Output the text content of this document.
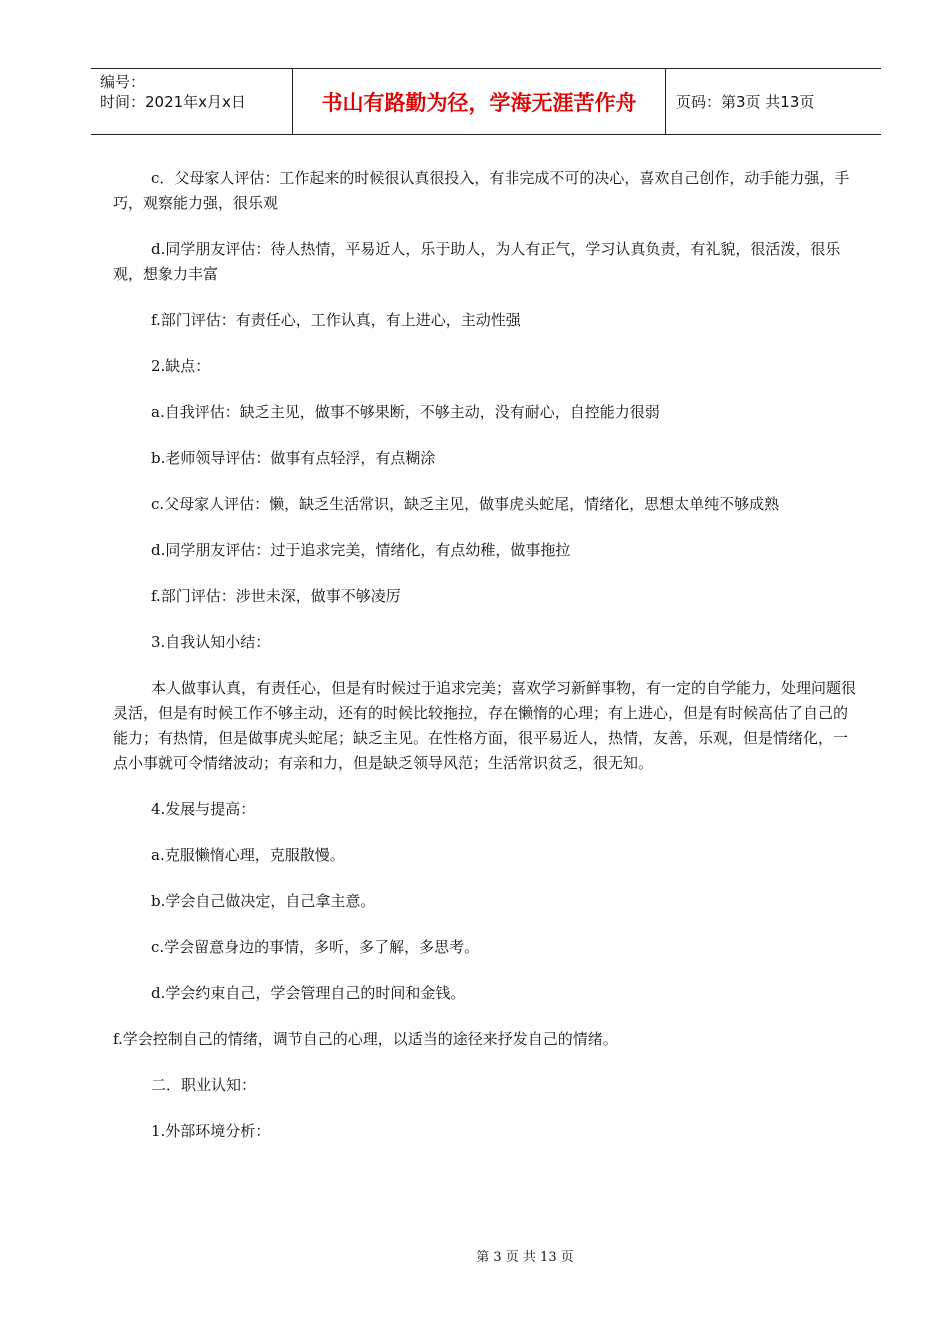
编号：
时间：2021年x月x日	书山有路勤为径，学海无涯苦作舟	页码：第3页 共13页

c．父母家人评估：工作起来的时候很认真很投入，有非完成不可的决心，喜欢自己创作，动手能力强，手巧，观察能力强，很乐观

d.同学朋友评估：待人热情，平易近人，乐于助人，为人有正气，学习认真负责，有礼貌，很活泼，很乐观，想象力丰富

f.部门评估：有责任心，工作认真，有上进心，主动性强

2.缺点：

a.自我评估：缺乏主见，做事不够果断，不够主动，没有耐心，自控能力很弱

b.老师领导评估：做事有点轻浮，有点糊涂

c.父母家人评估：懒，缺乏生活常识，缺乏主见，做事虎头蛇尾，情绪化，思想太单纯不够成熟

d.同学朋友评估：过于追求完美，情绪化，有点幼稚，做事拖拉

f.部门评估：涉世未深，做事不够凌厉

3.自我认知小结：

本人做事认真，有责任心，但是有时候过于追求完美；喜欢学习新鲜事物，有一定的自学能力，处理问题很灵活，但是有时候工作不够主动，还有的时候比较拖拉，存在懒惰的心理；有上进心，但是有时候高估了自己的能力；有热情，但是做事虎头蛇尾；缺乏主见。在性格方面，很平易近人，热情，友善，乐观，但是情绪化，一点小事就可令情绪波动；有亲和力，但是缺乏领导风范；生活常识贫乏，很无知。

4.发展与提高：

a.克服懒惰心理，克服散慢。

b.学会自己做决定，自己拿主意。

c.学会留意身边的事情，多听，多了解，多思考。

d.学会约束自己，学会管理自己的时间和金钱。

f.学会控制自己的情绪，调节自己的心理，以适当的途径来抒发自己的情绪。

二．职业认知：

1.外部环境分析：

第 3 页 共 13 页
